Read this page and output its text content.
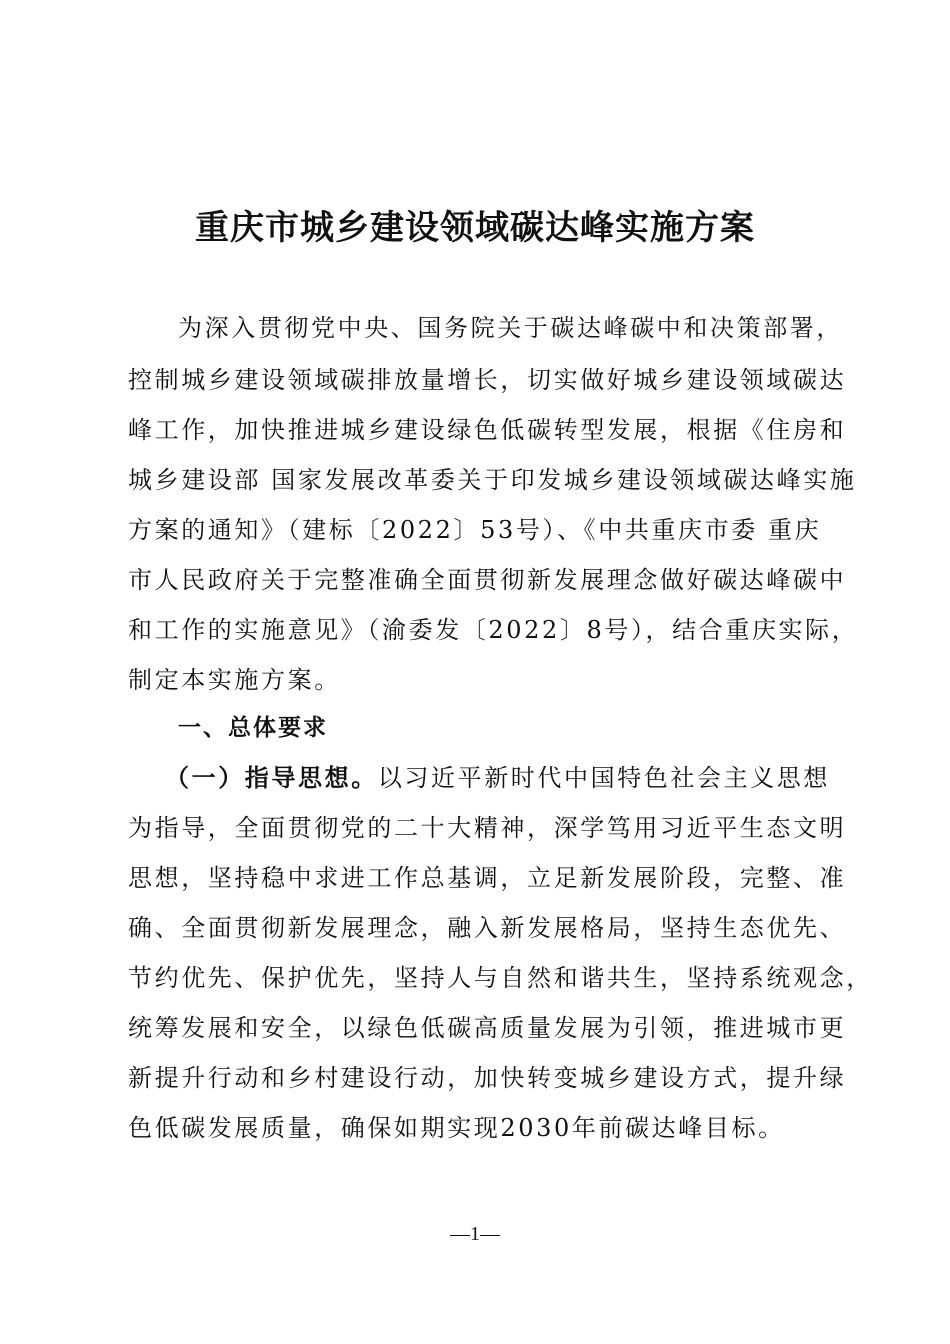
重庆市城乡建设领域碳达峰实施方案
为深入贯彻党中央、国务院关于碳达峰碳中和决策部署，
控制城乡建设领域碳排放量增长，切实做好城乡建设领域碳达
峰工作，加快推进城乡建设绿色低碳转型发展，根据《住房和
城乡建设部 国家发展改革委关于印发城乡建设领域碳达峰实施
方案的通知》（建标〔2022〕53号）、《中共重庆市委 重庆
市人民政府关于完整准确全面贯彻新发展理念做好碳达峰碳中
和工作的实施意见》（渝委发〔2022〕8号），结合重庆实际，
制定本实施方案。
一、总体要求
（一）指导思想。以习近平新时代中国特色社会主义思想
为指导，全面贯彻党的二十大精神，深学笃用习近平生态文明
思想，坚持稳中求进工作总基调，立足新发展阶段，完整、准
确、全面贯彻新发展理念，融入新发展格局，坚持生态优先、
节约优先、保护优先，坚持人与自然和谐共生，坚持系统观念，
统筹发展和安全，以绿色低碳高质量发展为引领，推进城市更
新提升行动和乡村建设行动，加快转变城乡建设方式，提升绿
色低碳发展质量，确保如期实现2030年前碳达峰目标。
—1—
